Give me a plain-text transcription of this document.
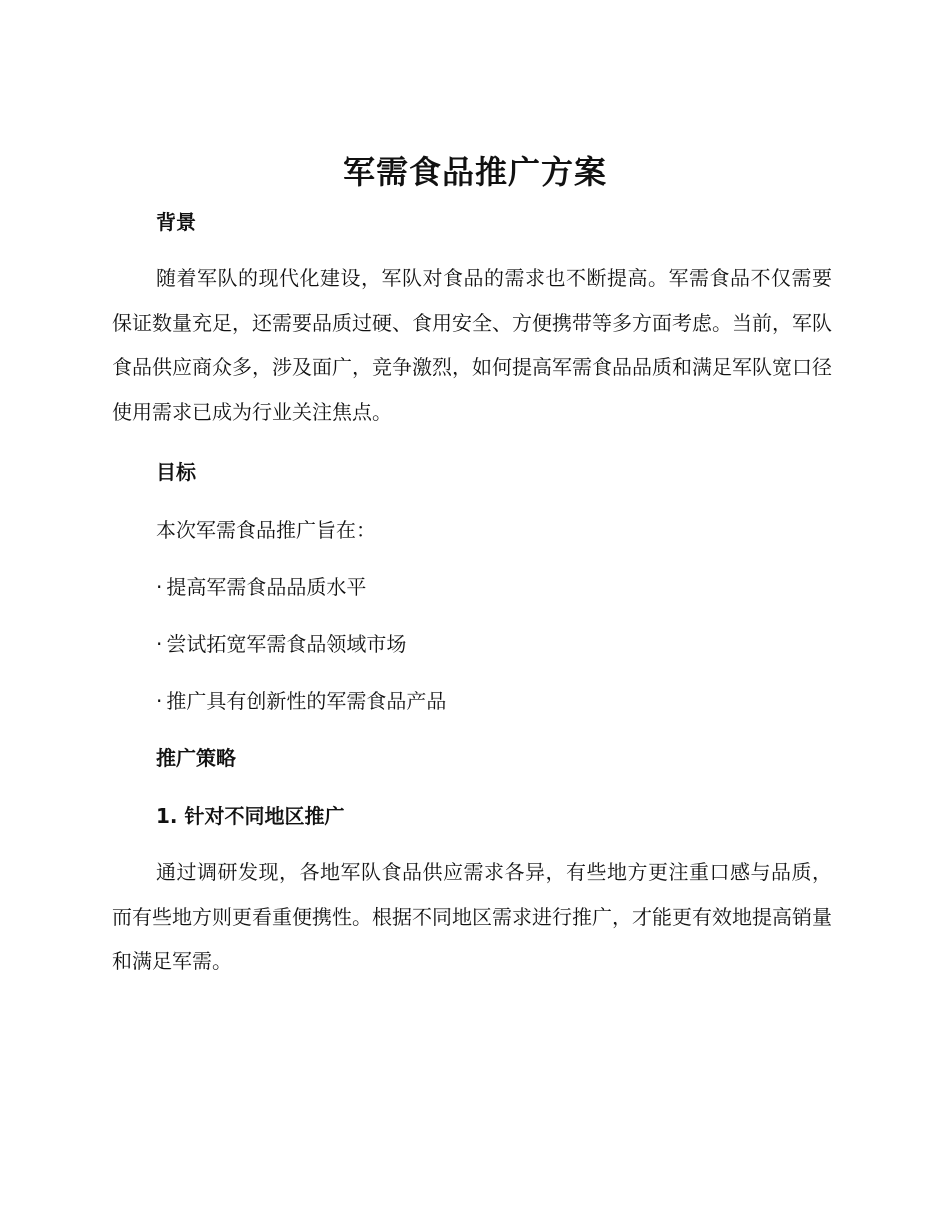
军需食品推广方案
背景

随着军队的现代化建设，军队对食品的需求也不断提高。军需食品不仅需要保证数量充足，还需要品质过硬、食用安全、方便携带等多方面考虑。当前，军队食品供应商众多，涉及面广，竞争激烈，如何提高军需食品品质和满足军队宽口径使用需求已成为行业关注焦点。

目标

本次军需食品推广旨在：

· 提高军需食品品质水平

· 尝试拓宽军需食品领域市场

· 推广具有创新性的军需食品产品

推广策略
1. 针对不同地区推广

通过调研发现，各地军队食品供应需求各异，有些地方更注重口感与品质，而有些地方则更看重便携性。根据不同地区需求进行推广，才能更有效地提高销量和满足军需。
